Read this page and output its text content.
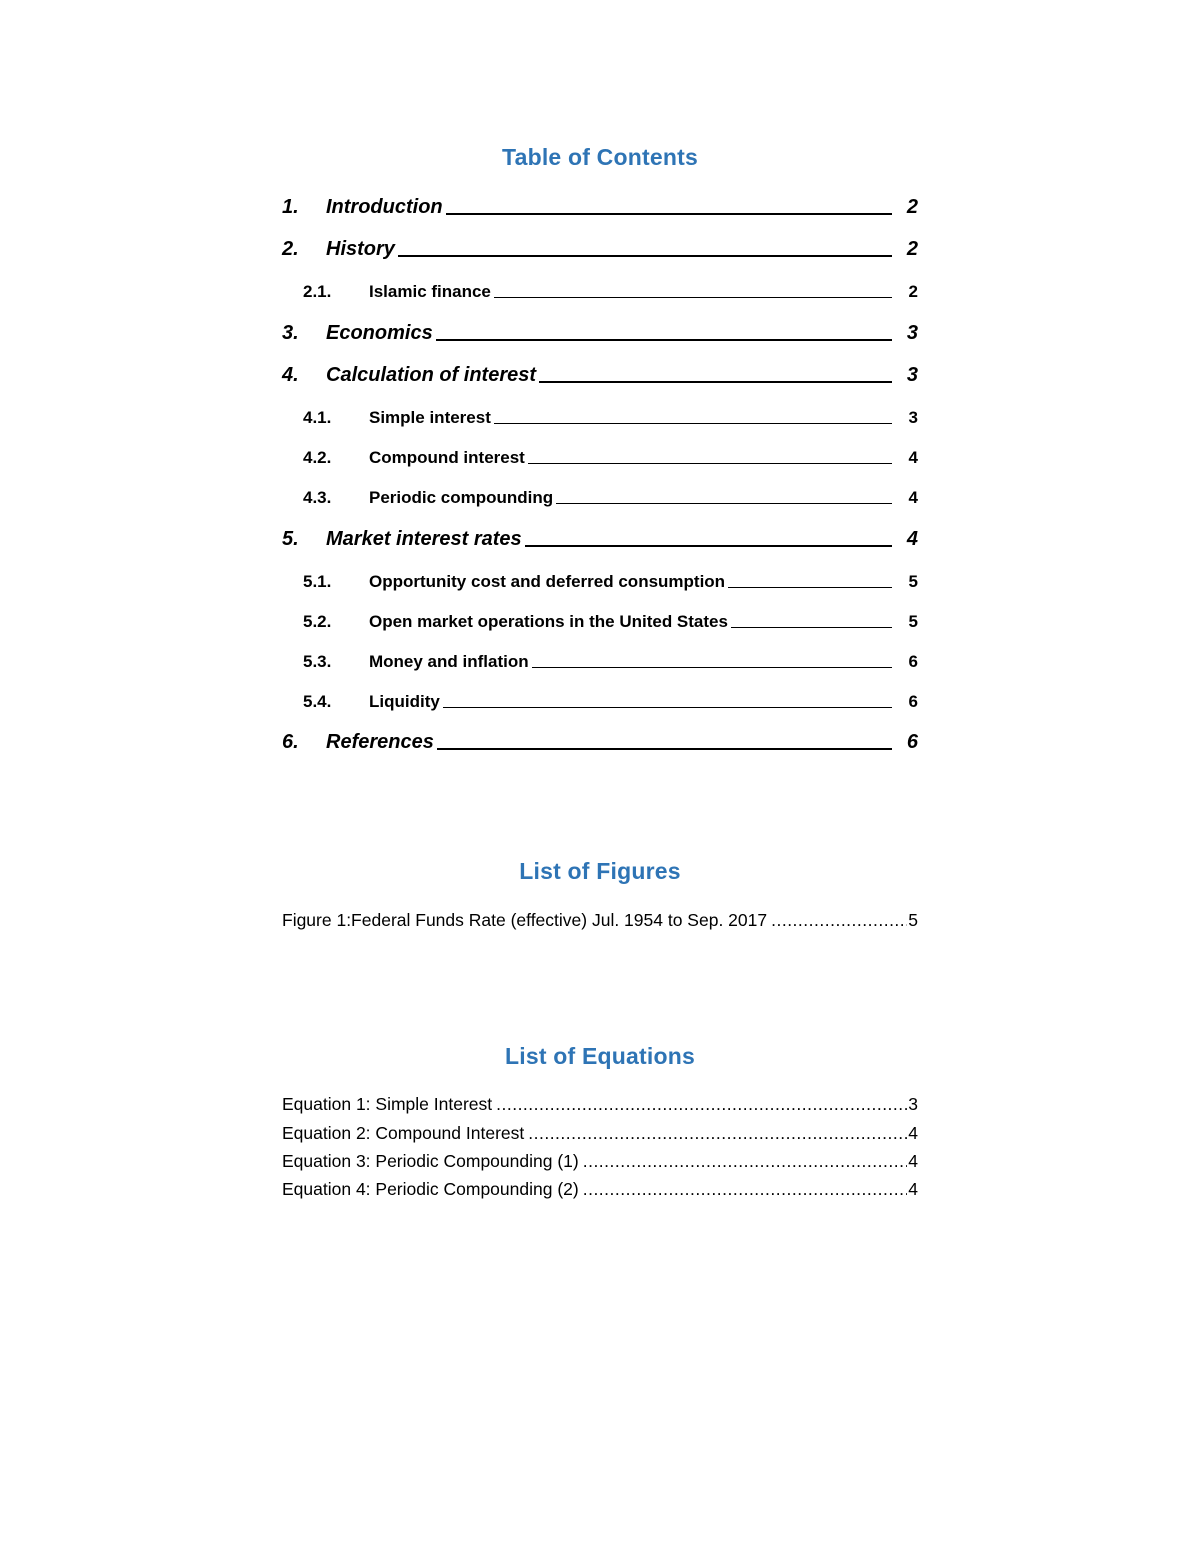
Table of Contents
1.	Introduction	2
2.	History	2
2.1.	Islamic finance	2
3.	Economics	3
4.	Calculation of interest	3
4.1.	Simple interest	3
4.2.	Compound interest	4
4.3.	Periodic compounding	4
5.	Market interest rates	4
5.1.	Opportunity cost and deferred consumption	5
5.2.	Open market operations in the United States	5
5.3.	Money and inflation	6
5.4.	Liquidity	6
6.	References	6
List of Figures
Figure 1:Federal Funds Rate (effective) Jul. 1954 to Sep. 2017 .....	5
List of Equations
Equation 1: Simple Interest .....	3
Equation 2: Compound Interest .....	4
Equation 3: Periodic Compounding (1) .....	4
Equation 4: Periodic Compounding (2) .....	4
